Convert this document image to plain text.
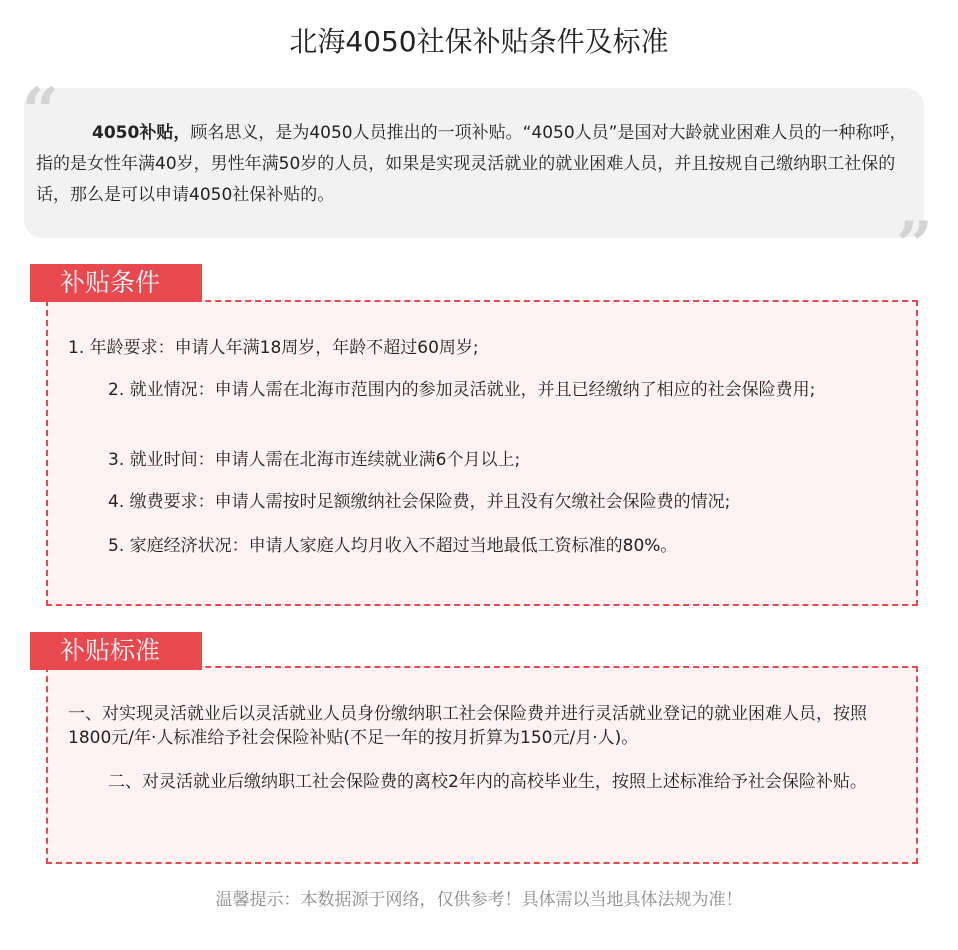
北海4050社保补贴条件及标准
“
”
4050补贴，顾名思义，是为4050人员推出的一项补贴。“4050人员”是国对大龄就业困难人员的一种称呼，指的是女性年满40岁，男性年满50岁的人员，如果是实现灵活就业的就业困难人员，并且按规自己缴纳职工社保的话，那么是可以申请4050社保补贴的。
补贴条件
1. 年龄要求：申请人年满18周岁，年龄不超过60周岁;
2. 就业情况：申请人需在北海市范围内的参加灵活就业，并且已经缴纳了相应的社会保险费用;
3. 就业时间：申请人需在北海市连续就业满6个月以上;
4. 缴费要求：申请人需按时足额缴纳社会保险费，并且没有欠缴社会保险费的情况;
5. 家庭经济状况：申请人家庭人均月收入不超过当地最低工资标准的80%。
补贴标准
一、对实现灵活就业后以灵活就业人员身份缴纳职工社会保险费并进行灵活就业登记的就业困难人员，按照1800元/年·人标准给予社会保险补贴(不足一年的按月折算为150元/月·人)。
二、对灵活就业后缴纳职工社会保险费的离校2年内的高校毕业生，按照上述标准给予社会保险补贴。
温馨提示：本数据源于网络，仅供参考！具体需以当地具体法规为准！
